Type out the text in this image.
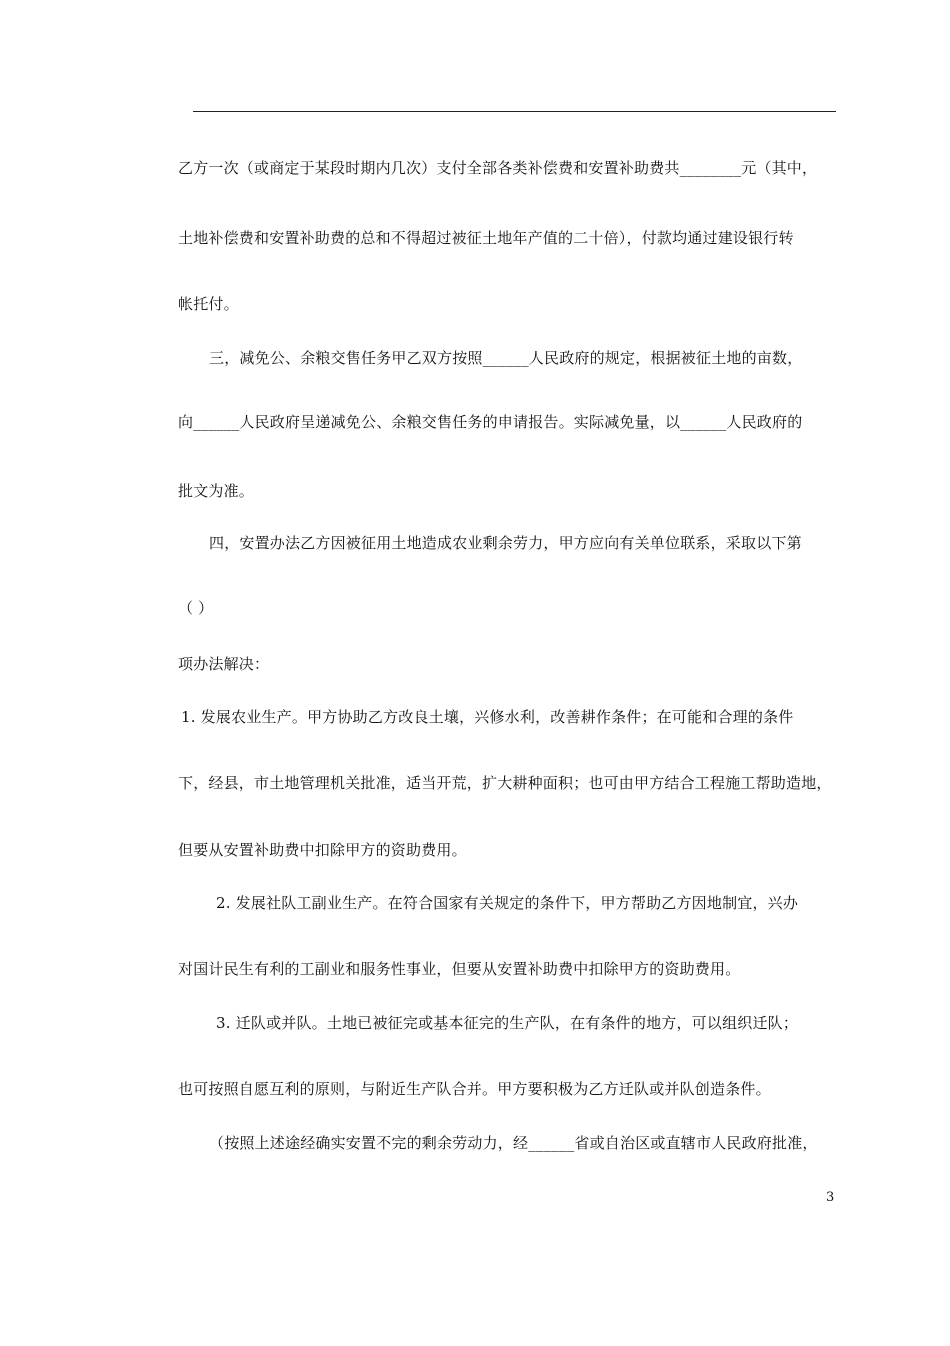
乙方一次（或商定于某段时期内几次）支付全部各类补偿费和安置补助费共________元（其中，
土地补偿费和安置补助费的总和不得超过被征土地年产值的二十倍），付款均通过建设银行转
帐托付。
三，减免公、余粮交售任务甲乙双方按照______人民政府的规定，根据被征土地的亩数，
向______人民政府呈递减免公、余粮交售任务的申请报告。实际减免量，以______人民政府的
批文为准。
四，安置办法乙方因被征用土地造成农业剩余劳力，甲方应向有关单位联系，采取以下第
（ ）
项办法解决：
1. 发展农业生产。甲方协助乙方改良土壤，兴修水利，改善耕作条件；在可能和合理的条件
下，经县，市土地管理机关批准，适当开荒，扩大耕种面积；也可由甲方结合工程施工帮助造地，
但要从安置补助费中扣除甲方的资助费用。
2. 发展社队工副业生产。在符合国家有关规定的条件下，甲方帮助乙方因地制宜，兴办
对国计民生有利的工副业和服务性事业，但要从安置补助费中扣除甲方的资助费用。
3. 迁队或并队。土地已被征完或基本征完的生产队，在有条件的地方，可以组织迁队；
也可按照自愿互利的原则，与附近生产队合并。甲方要积极为乙方迁队或并队创造条件。
（按照上述途经确实安置不完的剩余劳动力，经______省或自治区或直辖市人民政府批准，
3
